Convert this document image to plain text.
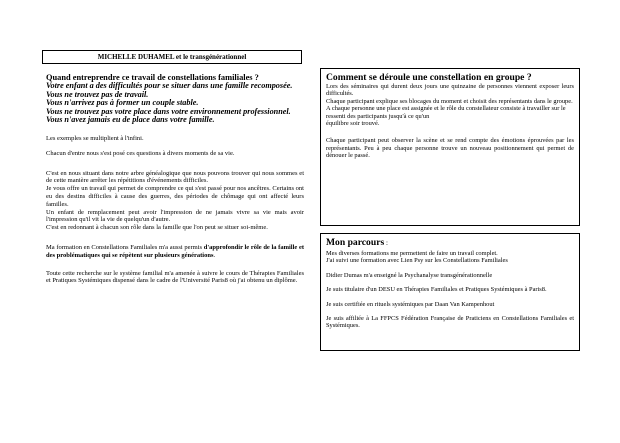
MICHELLE DUHAMEL et le transgénérationnel

Quand entreprendre ce travail de constellations familiales ?

Votre enfant a des difficultés pour se situer dans une famille recomposée.

Vous ne trouvez pas de travail.

Vous n'arrivez pas à former un couple stable.

Vous ne trouvez pas votre place dans votre environnement professionnel.

Vous n'avez jamais eu de place dans votre famille.

Les exemples se multiplient à l'infini.

Chacun d'entre nous s'est posé ces questions à divers moments de sa vie.

C'est en nous situant dans notre arbre généalogique que nous pouvons trouver qui nous sommes et de cette manière arrêter les répétitions d'événements difficiles.

Je vous offre un travail qui permet de comprendre ce qui s'est passé pour nos ancêtres. Certains ont eu des destins difficiles à cause des guerres, des périodes de chômage qui ont affecté leurs familles.

Un enfant de remplacement peut avoir l'impression de ne jamais vivre sa vie mais avoir l'impression qu'il vit la vie de quelqu'un d'autre.

C'est en redonnant à chacun son rôle dans la famille que l'on peut se situer soi-même.

Ma formation en Constellations Familiales m'a aussi permis d'approfondir le rôle de la famille et des problématiques qui se répètent sur plusieurs générations.

Toute cette recherche sur le système familial m'a amenée à suivre le cours de Thérapies Familiales et Pratiques Systémiques dispensé dans le cadre de l'Université Paris8 où j'ai obtenu un diplôme.

Comment se déroule une constellation en groupe ?

Lors des séminaires qui durent deux jours une quinzaine de personnes viennent exposer leurs difficultés.

Chaque participant explique ses blocages du moment et choisit des représentants dans le groupe.

A chaque personne une place est assignée et le rôle du constellateur consiste à travailler sur le ressenti des participants jusqu'à ce qu'un

équilibre soir trouvé.

Chaque participant peut observer la scène et se rend compte des émotions éprouvées par les représentants. Peu à peu chaque personne trouve un nouveau positionnement qui permet de dénouer le passé.

Mon parcours :

Mes diverses formations me permettent de faire un travail complet.

J'ai suivi une formation avec Lien Psy sur les Constellations Familiales

Didier Dumas m'a enseigné la Psychanalyse transgénérationnelle

Je suis titulaire d'un DESU en Thérapies Familiales et Pratiques Systémiques à Paris8.

Je suis certifiée en rituels systémiques par Daan Van Kampenhout

Je suis affiliée à La FFPCS Fédération Française de Praticiens en Constellations Familiales et Systémiques.
